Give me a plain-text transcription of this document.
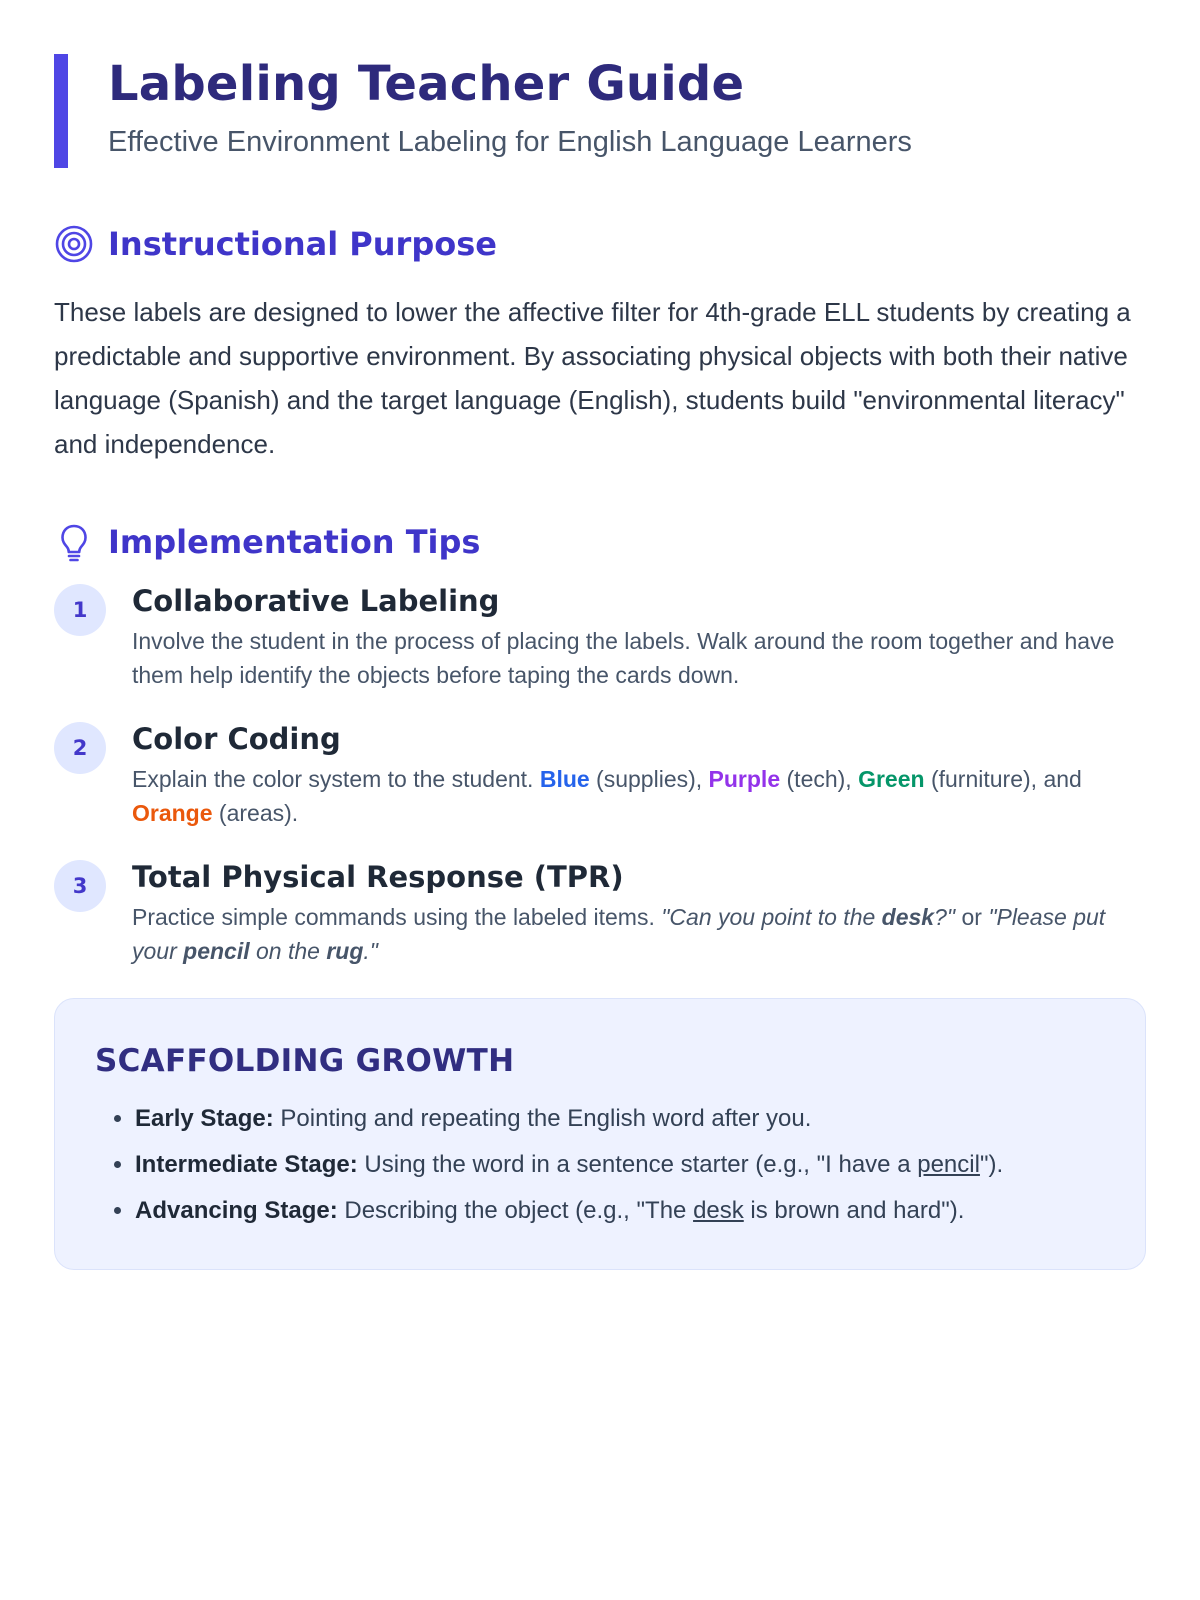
Labeling Teacher Guide

Effective Environment Labeling for English Language Learners

Instructional Purpose

These labels are designed to lower the affective filter for 4th-grade ELL students by creating a predictable and supportive environment. By associating physical objects with both their native language (Spanish) and the target language (English), students build "environmental literacy" and independence.

Implementation Tips
1	Collaborative Labeling

Involve the student in the process of placing the labels. Walk around the room together and have them help identify the objects before taping the cards down.

2	Color Coding

Explain the color system to the student. Blue (supplies), Purple (tech), Green (furniture), and Orange (areas).

3	Total Physical Response (TPR)

Practice simple commands using the labeled items. "Can you point to the desk?" or "Please put your pencil on the rug."

SCAFFOLDING GROWTH
• Early Stage: Pointing and repeating the English word after you.
• Intermediate Stage: Using the word in a sentence starter (e.g., "I have a pencil").
• Advancing Stage: Describing the object (e.g., "The desk is brown and hard").
